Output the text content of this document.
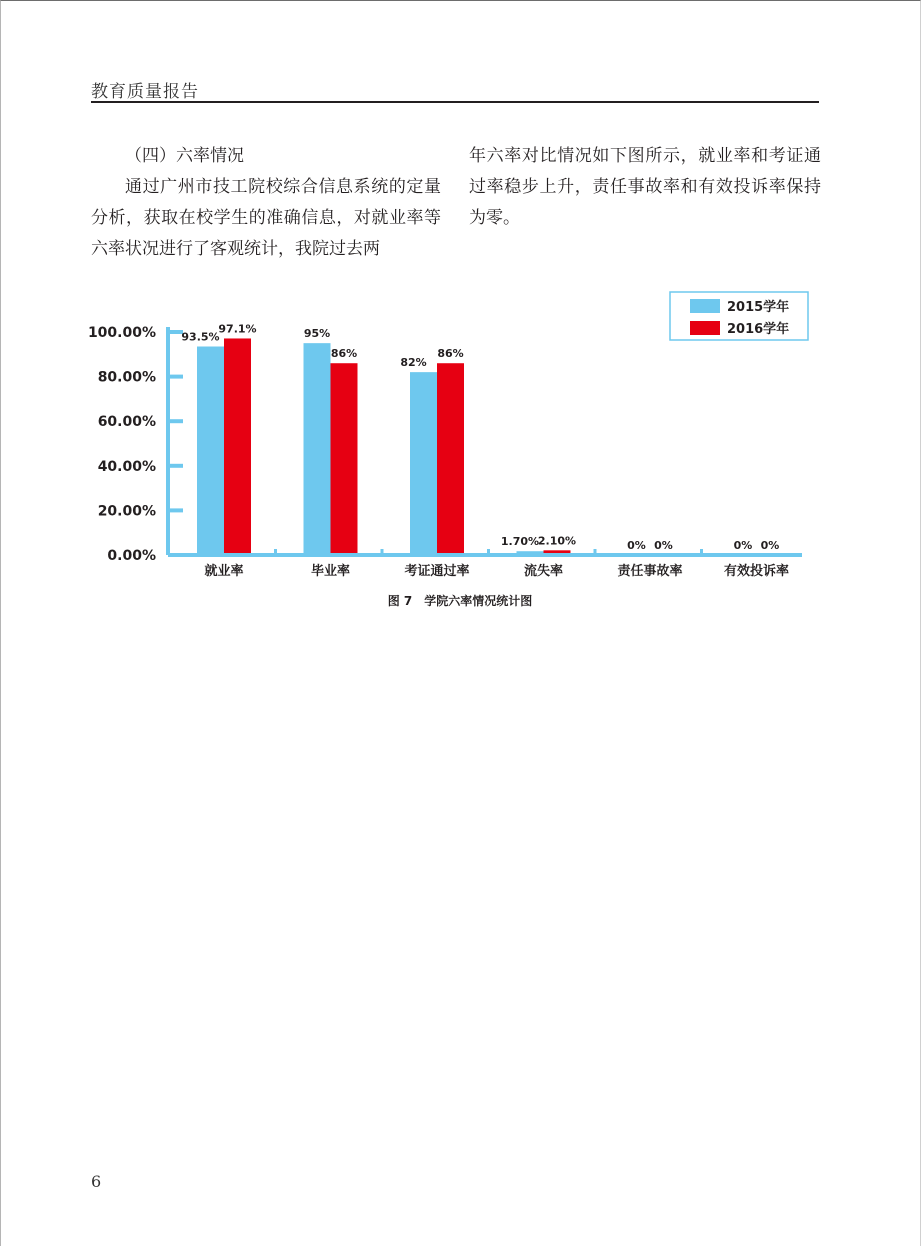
教育质量报告

（四）六率情况

通过广州市技工院校综合信息系统的定量分析，获取在校学生的准确信息，对就业率等六率状况进行了客观统计，我院过去两

年六率对比情况如下图所示，就业率和考证通过率稳步上升，责任事故率和有效投诉率保持为零。

0.00%
20.00%
40.00%
60.00%
80.00%
100.00% 93.5%
97.1%	95%
86%
82%
86%
1.70%
2.10%	0% 0%	0% 0%
就业率	毕业率	考证通过率	流失率	责任事故率	有效投诉率
2015学年
2016学年
图 7　学院六率情况统计图
6
